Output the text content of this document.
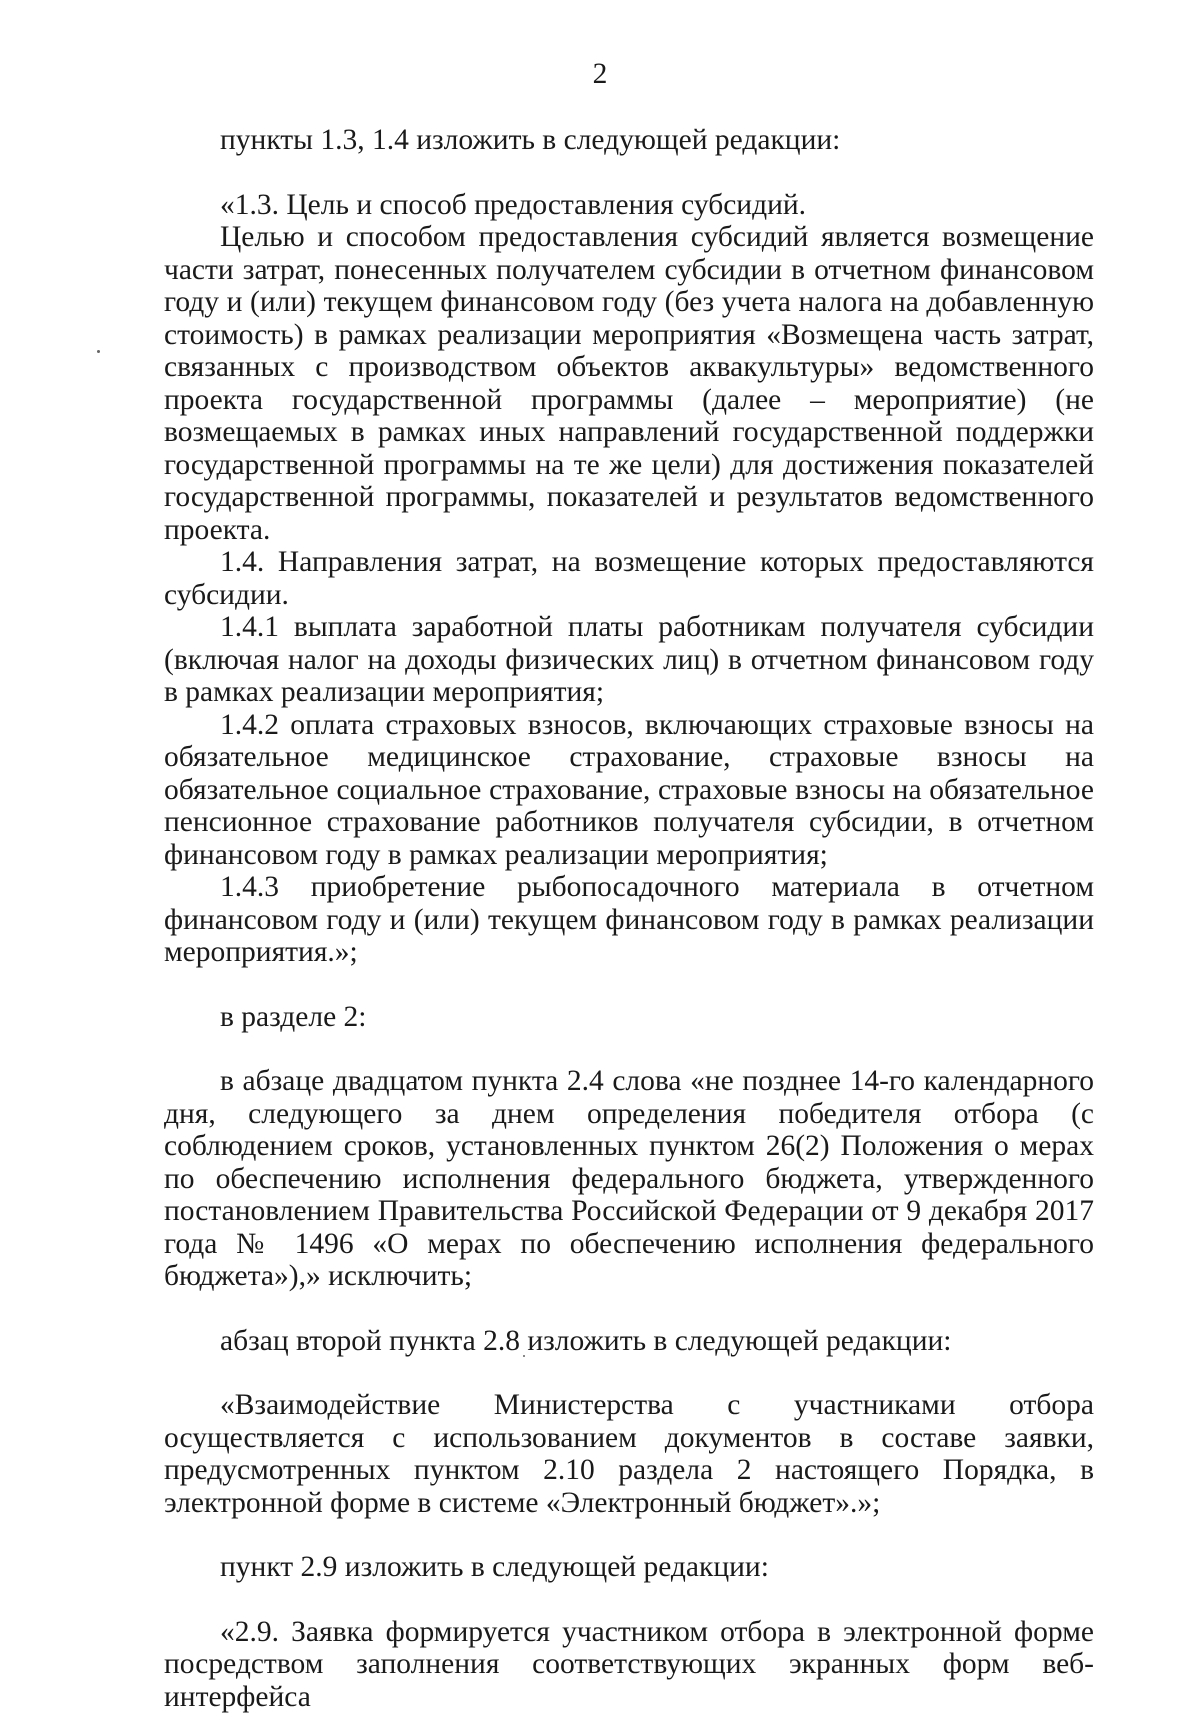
2

пункты 1.3, 1.4 изложить в следующей редакции:

«1.3. Цель и способ предоставления субсидий.

Целью и способом предоставления субсидий является возмещение части затрат, понесенных получателем субсидии в отчетном финансовом году и (или) текущем финансовом году (без учета налога на добавленную стоимость) в рамках реализации мероприятия «Возмещена часть затрат, связанных с производством объектов аквакультуры» ведомственного проекта государственной программы (далее – мероприятие) (не возмещаемых в рамках иных направлений государственной поддержки государственной программы на те же цели) для достижения показателей государственной программы, показателей и результатов ведомственного проекта.

1.4. Направления затрат, на возмещение которых предоставляются субсидии.

1.4.1 выплата заработной платы работникам получателя субсидии (включая налог на доходы физических лиц) в отчетном финансовом году в рамках реализации мероприятия;

1.4.2 оплата страховых взносов, включающих страховые взносы на обязательное медицинское страхование, страховые взносы на обязательное социальное страхование, страховые взносы на обязательное пенсионное страхование работников получателя субсидии, в отчетном финансовом году в рамках реализации мероприятия;

1.4.3 приобретение рыбопосадочного материала в отчетном финансовом году и (или) текущем финансовом году в рамках реализации мероприятия.»;

в разделе 2:

в абзаце двадцатом пункта 2.4 слова «не позднее 14-го календарного дня, следующего за днем определения победителя отбора (с соблюдением сроков, установленных пунктом 26(2) Положения о мерах по обеспечению исполнения федерального бюджета, утвержденного постановлением Правительства Российской Федерации от 9 декабря 2017 года № 1496 «О мерах по обеспечению исполнения федерального бюджета»),» исключить;

абзац второй пункта 2.8 изложить в следующей редакции:

«Взаимодействие Министерства с участниками отбора осуществляется с использованием документов в составе заявки, предусмотренных пунктом 2.10 раздела 2 настоящего Порядка, в электронной форме в системе «Электронный бюджет».»;

пункт 2.9 изложить в следующей редакции:

«2.9. Заявка формируется участником отбора в электронной форме посредством заполнения соответствующих экранных форм веб-интерфейса
